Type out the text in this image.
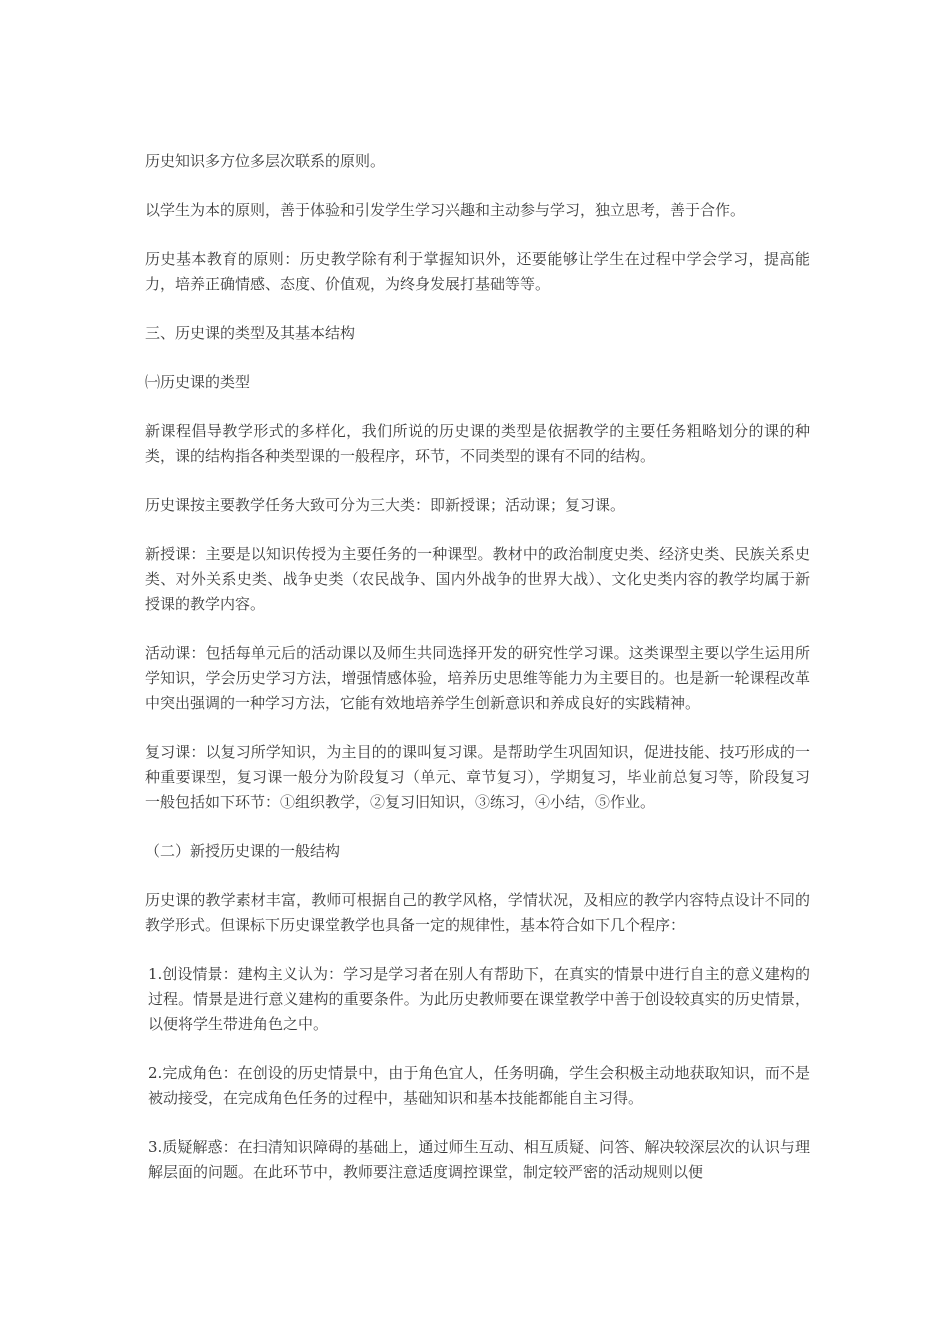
历史知识多方位多层次联系的原则。

以学生为本的原则，善于体验和引发学生学习兴趣和主动参与学习，独立思考，善于合作。

历史基本教育的原则：历史教学除有利于掌握知识外，还要能够让学生在过程中学会学习，提高能力，培养正确情感、态度、价值观，为终身发展打基础等等。

三、历史课的类型及其基本结构

㈠历史课的类型

新课程倡导教学形式的多样化，我们所说的历史课的类型是依据教学的主要任务粗略划分的课的种类，课的结构指各种类型课的一般程序，环节，不同类型的课有不同的结构。

历史课按主要教学任务大致可分为三大类：即新授课；活动课；复习课。

新授课：主要是以知识传授为主要任务的一种课型。教材中的政治制度史类、经济史类、民族关系史类、对外关系史类、战争史类（农民战争、国内外战争的世界大战）、文化史类内容的教学均属于新授课的教学内容。

活动课：包括每单元后的活动课以及师生共同选择开发的研究性学习课。这类课型主要以学生运用所学知识，学会历史学习方法，增强情感体验，培养历史思维等能力为主要目的。也是新一轮课程改革中突出强调的一种学习方法，它能有效地培养学生创新意识和养成良好的实践精神。

复习课：以复习所学知识，为主目的的课叫复习课。是帮助学生巩固知识，促进技能、技巧形成的一种重要课型，复习课一般分为阶段复习（单元、章节复习），学期复习，毕业前总复习等，阶段复习一般包括如下环节：①组织教学，②复习旧知识，③练习，④小结，⑤作业。

（二）新授历史课的一般结构

历史课的教学素材丰富，教师可根据自己的教学风格，学情状况，及相应的教学内容特点设计不同的教学形式。但课标下历史课堂教学也具备一定的规律性，基本符合如下几个程序：

1.创设情景：建构主义认为：学习是学习者在别人有帮助下，在真实的情景中进行自主的意义建构的过程。情景是进行意义建构的重要条件。为此历史教师要在课堂教学中善于创设较真实的历史情景，以便将学生带进角色之中。

2.完成角色：在创设的历史情景中，由于角色宜人，任务明确，学生会积极主动地获取知识，而不是被动接受，在完成角色任务的过程中，基础知识和基本技能都能自主习得。

3.质疑解惑：在扫清知识障碍的基础上，通过师生互动、相互质疑、问答、解决较深层次的认识与理解层面的问题。在此环节中，教师要注意适度调控课堂，制定较严密的活动规则以便
